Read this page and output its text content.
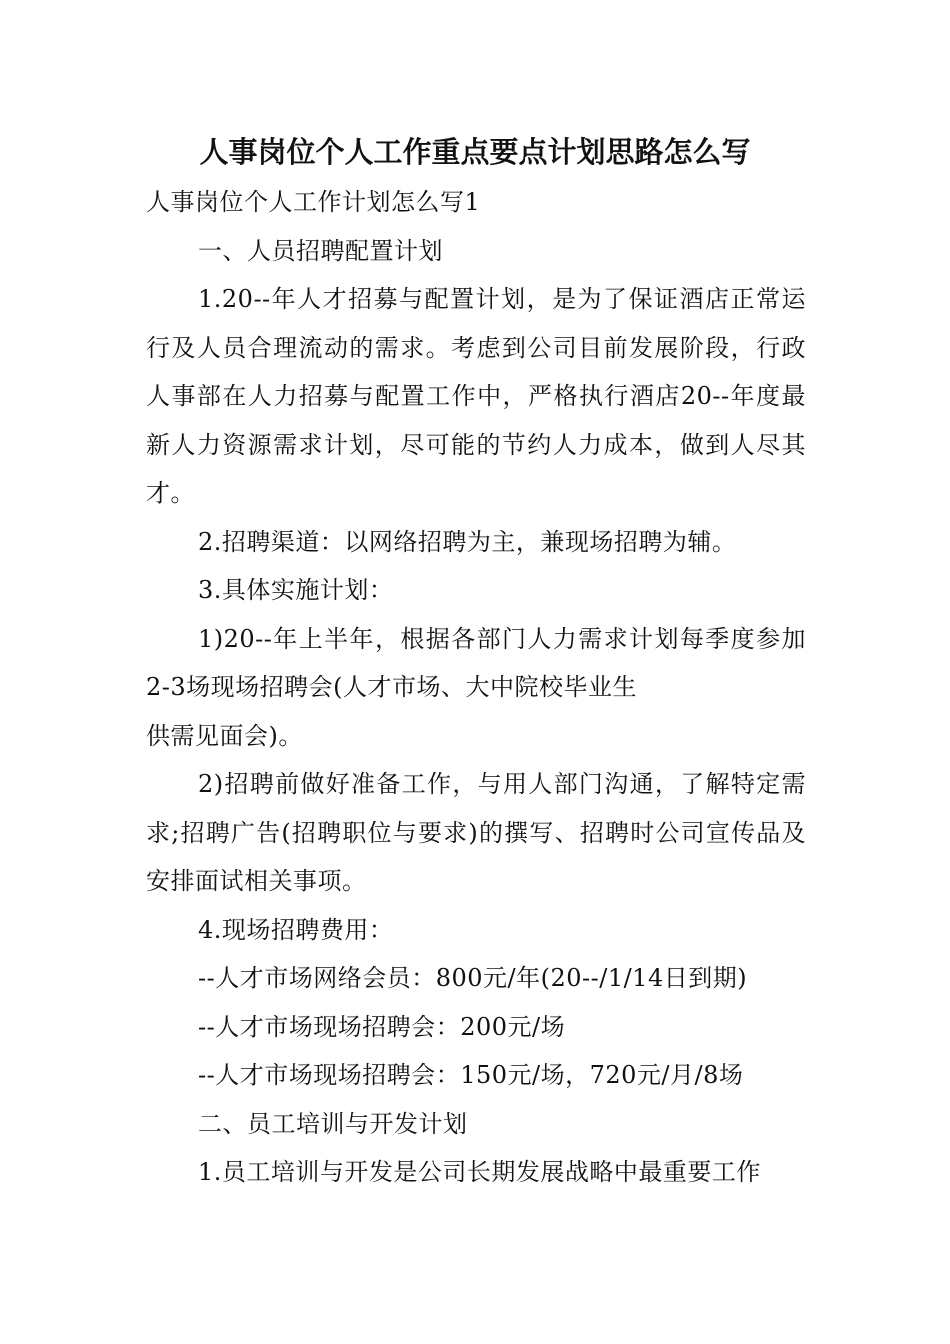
人事岗位个人工作重点要点计划思路怎么写

人事岗位个人工作计划怎么写1

一、人员招聘配置计划

1.20--年人才招募与配置计划，是为了保证酒店正常运行及人员合理流动的需求。考虑到公司目前发展阶段，行政人事部在人力招募与配置工作中，严格执行酒店20--年度最新人力资源需求计划，尽可能的节约人力成本，做到人尽其才。

2.招聘渠道：以网络招聘为主，兼现场招聘为辅。

3.具体实施计划：

1)20--年上半年，根据各部门人力需求计划每季度参加2-3场现场招聘会(人才市场、大中院校毕业生

供需见面会)。

2)招聘前做好准备工作，与用人部门沟通，了解特定需求;招聘广告(招聘职位与要求)的撰写、招聘时公司宣传品及安排面试相关事项。

4.现场招聘费用：

--人才市场网络会员：800元/年(20--/1/14日到期)

--人才市场现场招聘会：200元/场

--人才市场现场招聘会：150元/场，720元/月/8场

二、员工培训与开发计划

1.员工培训与开发是公司长期发展战略中最重要工作
